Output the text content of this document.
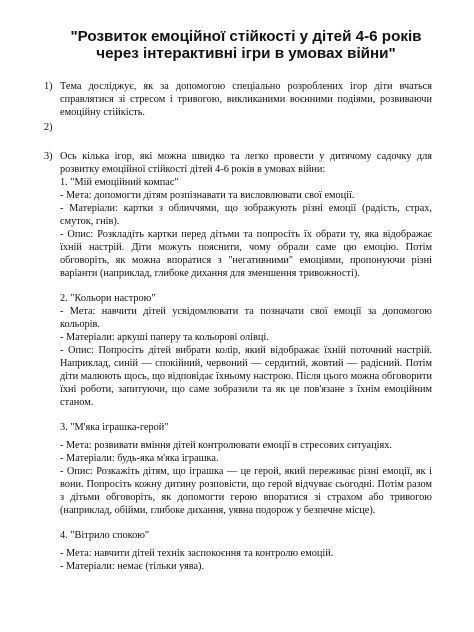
"Розвиток емоційної стійкості у дітей 4-6 років через інтерактивні ігри в умовах війни"
1) Тема досліджує, як за допомогою спеціально розроблених ігор діти вчаться справлятися зі стресом і тривогою, викликаними воєнними подіями, розвиваючи емоційну стійкість.

2)

3) Ось кілька ігор, які можна швидко та легко провести у дитячому садочку для розвитку емоційної стійкості дітей 4-6 років в умовах війни:

1. "Мій емоційний компас"

- Мета: допомогти дітям розпізнавати та висловлювати свої емоції.

- Матеріали: картки з обличчями, що зображують різні емоції (радість, страх, смуток, гнів).

- Опис: Розкладіть картки перед дітьми та попросіть їх обрати ту, яка відображає їхній настрій. Діти можуть пояснити, чому обрали саме цю емоцію. Потім обговоріть, як можна впоратися з "негативними" емоціями, пропонуючи різні варіанти (наприклад, глибоке дихання для зменшення тривожності).

2. "Кольори настрою"

- Мета: навчити дітей усвідомлювати та позначати свої емоції за допомогою кольорів.

- Матеріали: аркуші паперу та кольорові олівці.

- Опис: Попросіть дітей вибрати колір, який відображає їхній поточний настрій. Наприклад, синій — спокійний, червоний — сердитий, жовтий — радісний. Потім діти малюють щось, що відповідає їхньому настрою. Після цього можна обговорити їхні роботи, запитуючи, що саме зобразили та як це пов'язане з їхнім емоційним станом.

3. "М'яка іграшка-герой"

- Мета: розвивати вміння дітей контролювати емоції в стресових ситуаціях.

- Матеріали: будь-яка м'яка іграшка.

- Опис: Розкажіть дітям, що іграшка — це герой, який переживає різні емоції, як і вони. Попросіть кожну дитину розповісти, що герой відчуває сьогодні. Потім разом з дітьми обговоріть, як допомогти герою впоратися зі страхом або тривогою (наприклад, обійми, глибоке дихання, уявна подорож у безпечне місце).

4. "Вітрило спокою"

- Мета: навчити дітей технік заспокоєння та контролю емоцій.

- Матеріали: немає (тільки уява).
